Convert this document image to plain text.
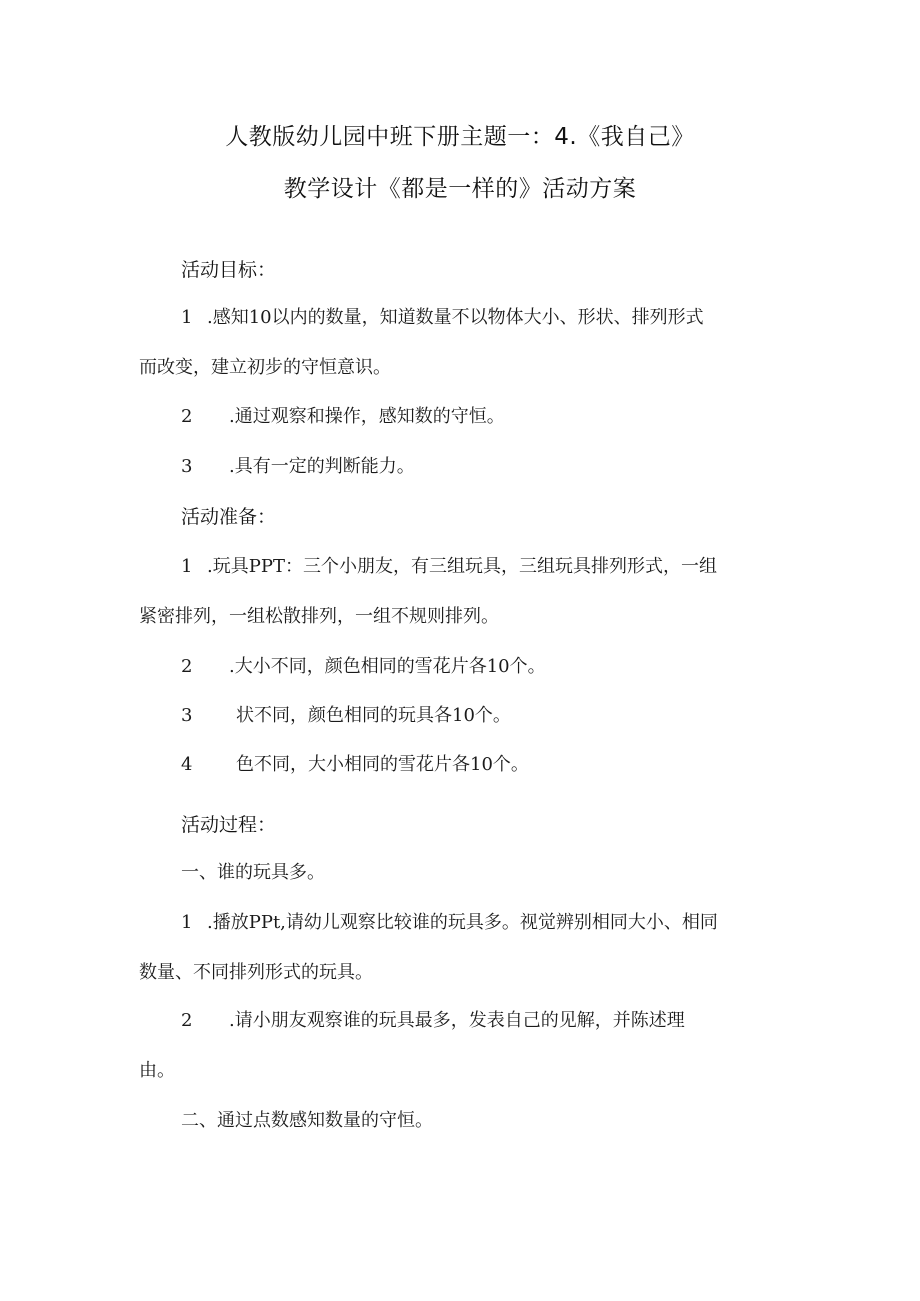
人教版幼儿园中班下册主题一：4.《我自己》
教学设计《都是一样的》活动方案
活动目标：
1 .感知10以内的数量，知道数量不以物体大小、形状、排列形式
而改变，建立初步的守恒意识。
2 .通过观察和操作，感知数的守恒。
3 .具有一定的判断能力。
活动准备：
1 .玩具PPT：三个小朋友，有三组玩具，三组玩具排列形式，一组
紧密排列，一组松散排列，一组不规则排列。
2 .大小不同，颜色相同的雪花片各10个。
3 状不同，颜色相同的玩具各10个。
4 色不同，大小相同的雪花片各10个。
活动过程：
一、谁的玩具多。
1 .播放PPt,请幼儿观察比较谁的玩具多。视觉辨别相同大小、相同
数量、不同排列形式的玩具。
2 .请小朋友观察谁的玩具最多，发表自己的见解，并陈述理
由。
二、通过点数感知数量的守恒。
